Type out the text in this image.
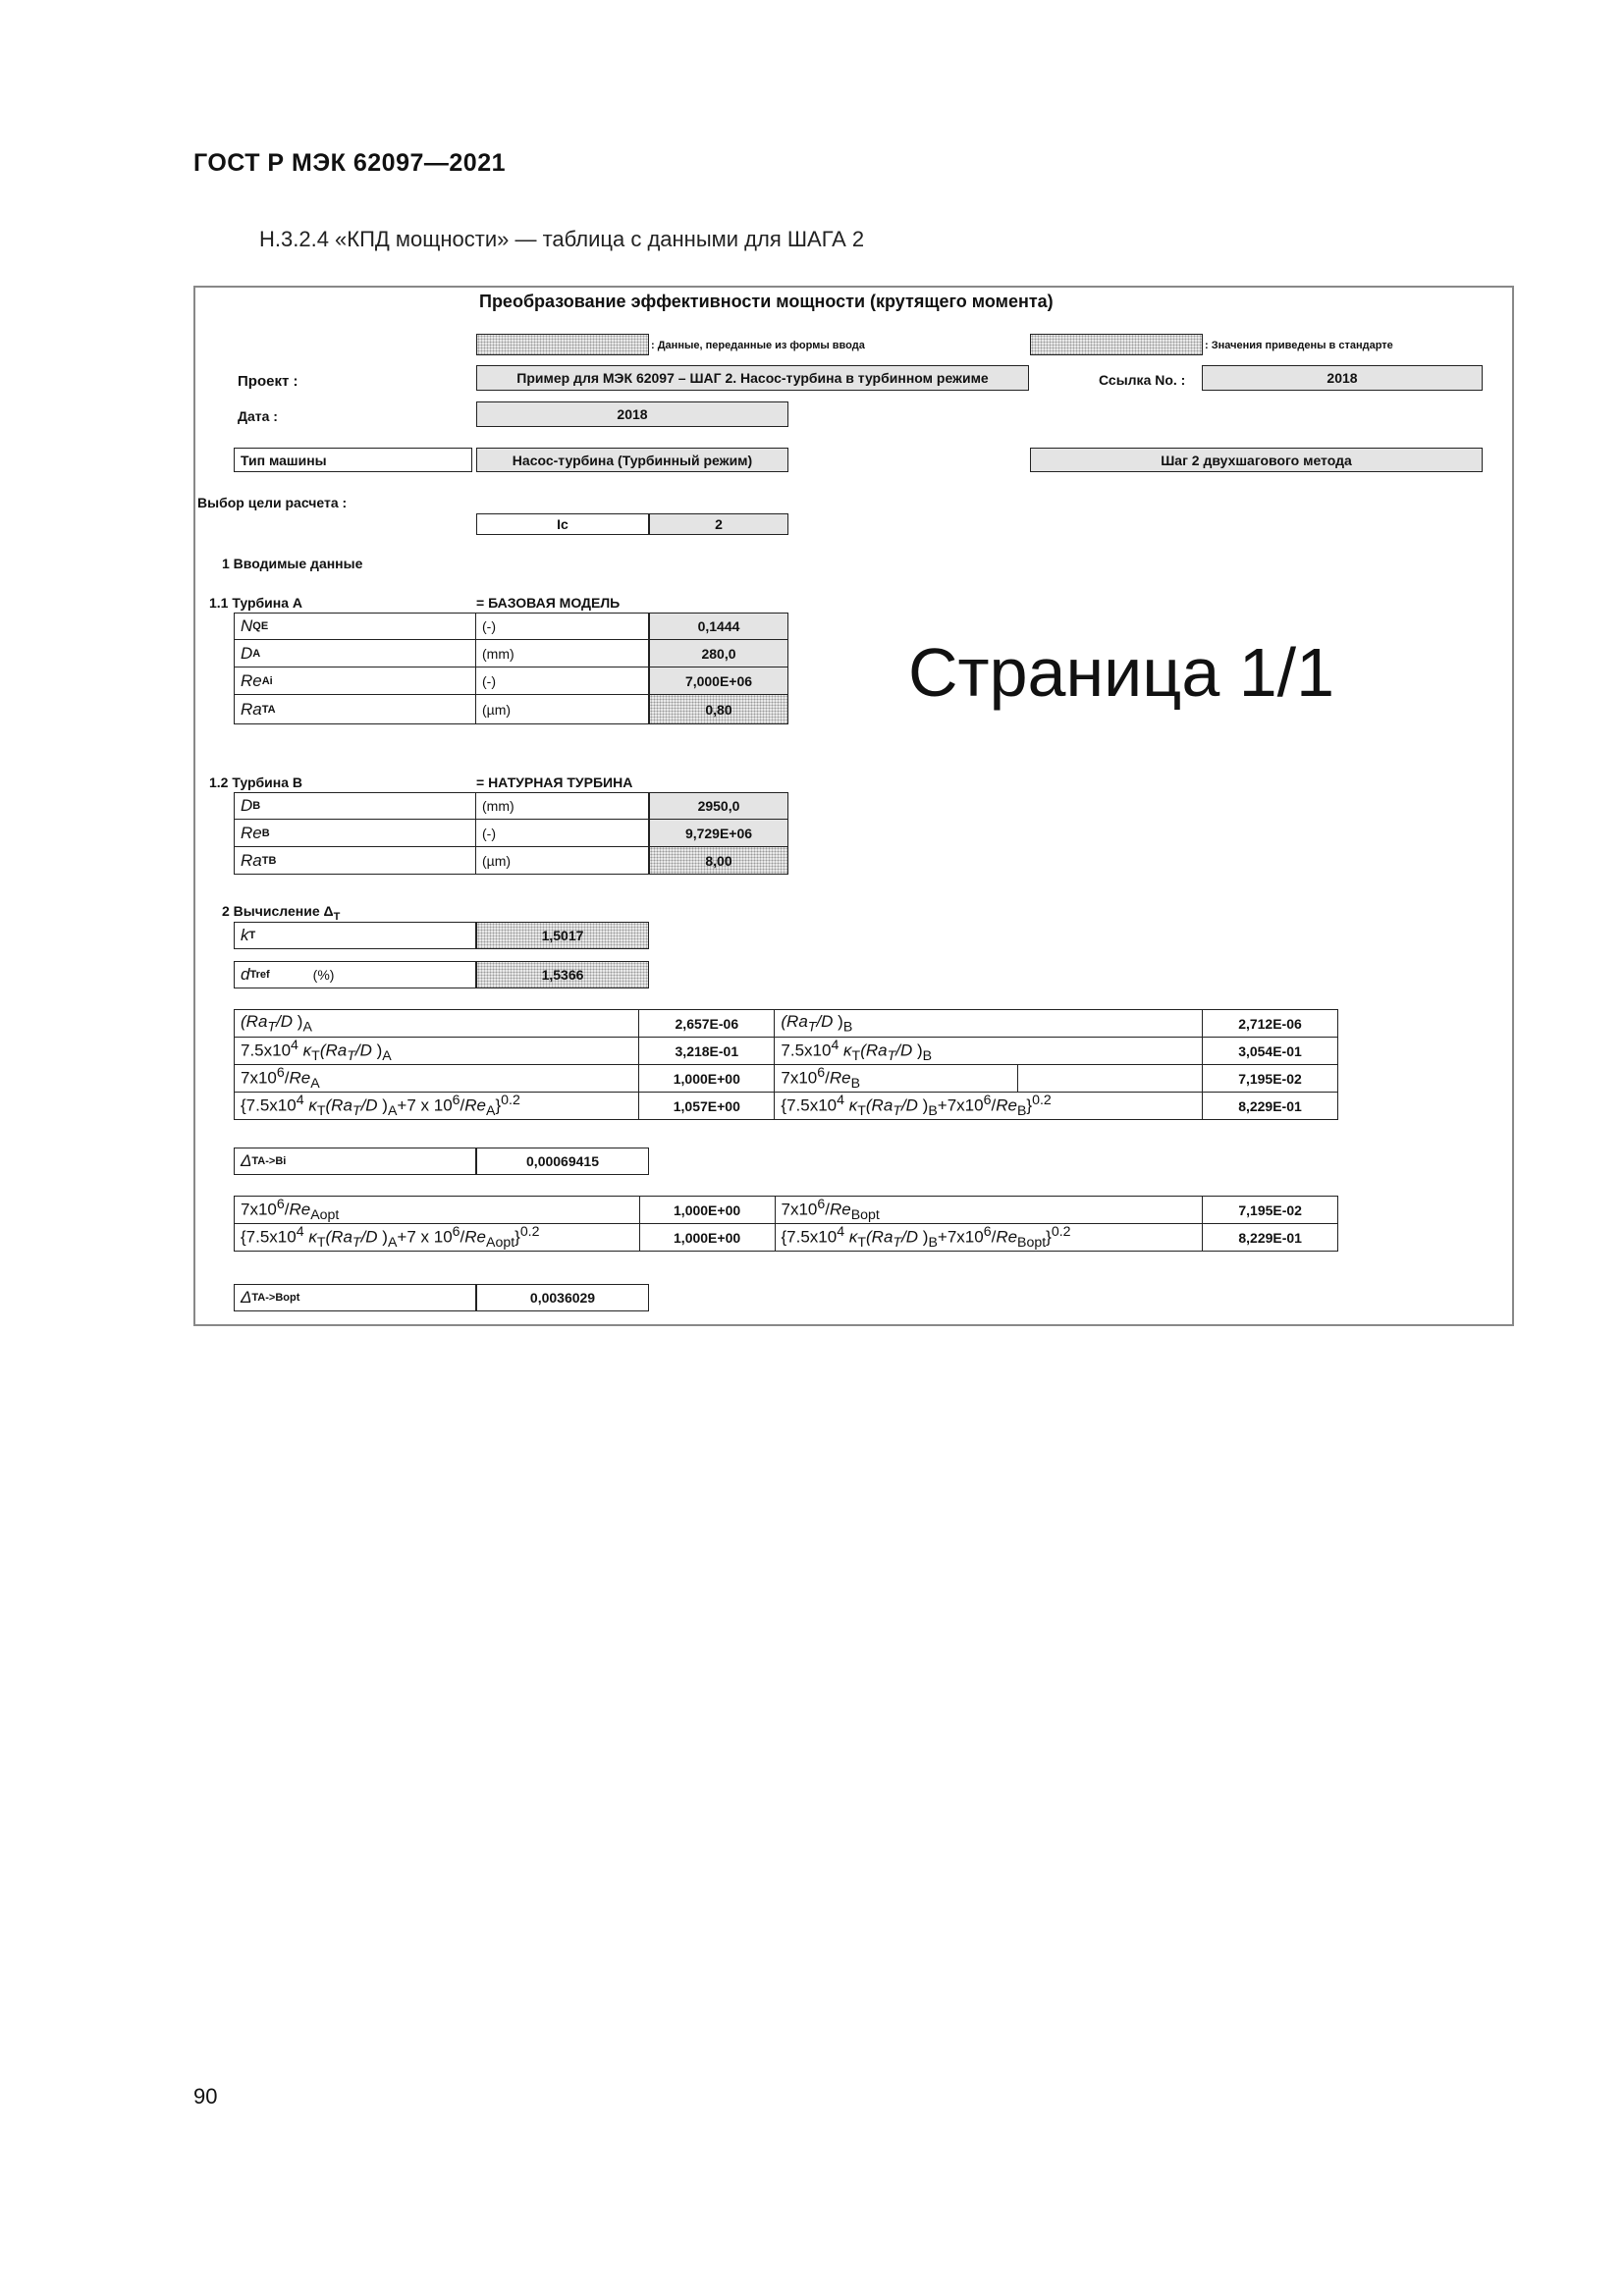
ГОСТ Р МЭК 62097—2021
Н.3.2.4 «КПД мощности» — таблица с данными для ШАГА 2
Преобразование эффективности мощности (крутящего момента)
: Данные, переданные из формы ввода	: Значения приведены в стандарте
Проект :	Пример для МЭК 62097 – ШАГ 2. Насос-турбина в турбинном режиме	Ссылка No. :	2018
Дата :	2018
Тип машины	Насос-турбина (Турбинный режим)	Шаг 2 двухшагового метода
Выбор цели расчета :
Ic	2
1 Вводимые данные
1.1 Турбина A	= БАЗОВАЯ МОДЕЛЬ
N QE	(-)	0,1444
D A	(mm)	280,0
Re Ai	(-)	7,000E+06
Ra TA	(µm)	0,80
1.2 Турбина B	= НАТУРНАЯ ТУРБИНА
D B	(mm)	2950,0
Re B	(-)	9,729E+06
Ra TB	(µm)	8,00
2 Вычисление $\Delta_T$
k T	1,5017
d Tref	(%)	1,5366
($Ra_T/D$ )$_A$	2,657E-06	($Ra_T/D$ )$_B$		2,712E-06
$7.5x10^4$ $\kappa_T(Ra_T/D$ )$_A$	3,218E-01	$7.5x10^4$ $\kappa_T(Ra_T/D$ )$_B$		3,054E-01
$7x10^6/Re_A$	1,000E+00	$7x10^6/Re_B$		7,195E-02
{$7.5x10^4$ $\kappa_T(Ra_T/D$ )$_A+7$ x $10^6/Re_A\}^{0.2}$	1,057E+00	{$7.5x10^4$ $\kappa_T(Ra_T/D$ )$_B+7x10^6/Re_B\}^{0.2}$		8,229E-01
Δ TA->Bi	0,00069415
$7x10^6/Re_{Aopt}$	1,000E+00	$7x10^6/Re_{Bopt}$	7,195E-02
{$7.5x10^4$ $\kappa_T(Ra_T/D$ )$_A+7$ x $10^6/Re_{Aopt}\}^{0.2}$	1,000E+00	{$7.5x10^4$ $\kappa_T(Ra_T/D$ )$_B+7x10^6/Re_{Bopt}\}^{0.2}$	8,229E-01
Δ TA->Bopt	0,0036029
Страница 1/1
90
